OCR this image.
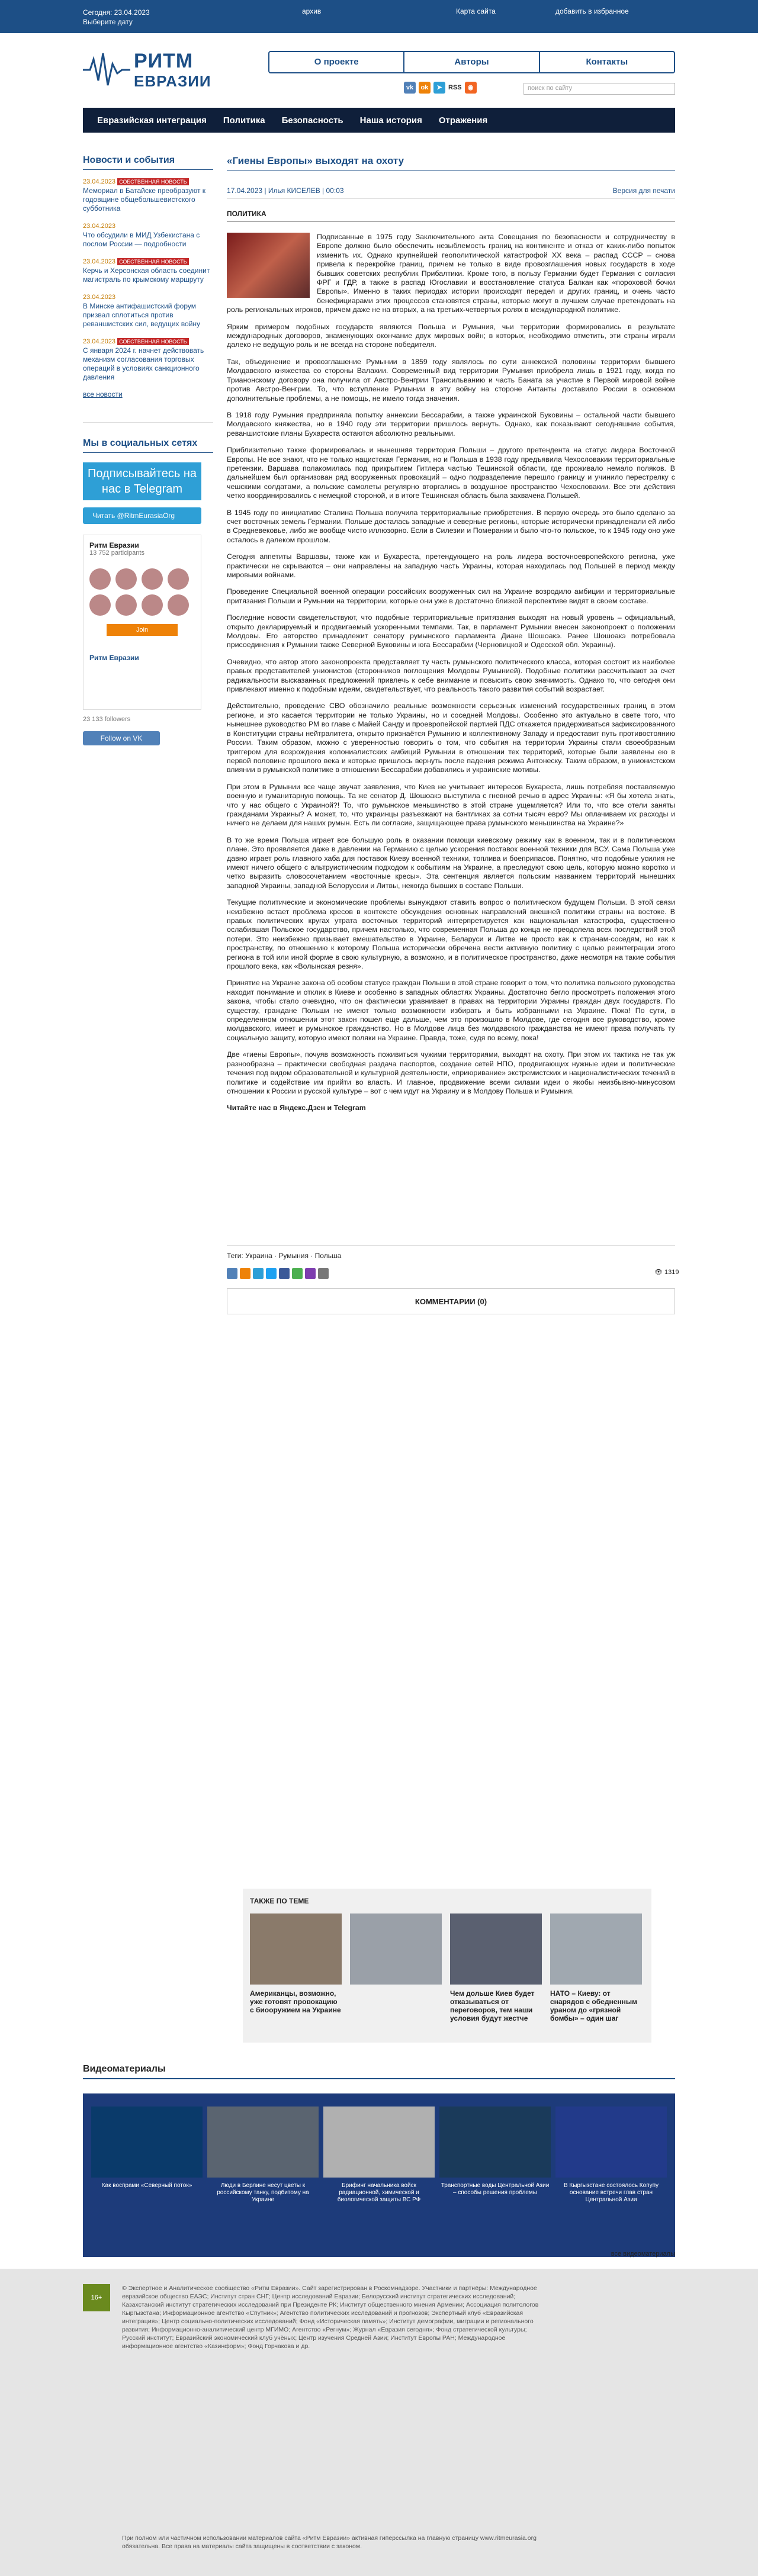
Сегодня: 23.04.2023
Выберите дату
архив	Карта сайта	добавить в избранное
РИТМ
ЕВРАЗИИ
О проекте	Авторы	Контакты
vk	ok	➤ RSS ◉	поиск по сайту
Евразийская интеграция	Политика	Безопасность	Наша история	Отражения
Новости и события
23.04.2023 СОБСТВЕННАЯ НОВОСТЬ
Мемориал в Батайске преобразуют к годовщине общебольшевистского субботника
23.04.2023
Что обсудили в МИД Узбекистана с послом России — подробности
23.04.2023 СОБСТВЕННАЯ НОВОСТЬ
Керчь и Херсонская область соединит магистраль по крымскому маршруту
23.04.2023
В Минске антифашистский форум призвал сплотиться против реваншистских сил, ведущих войну
23.04.2023 СОБСТВЕННАЯ НОВОСТЬ
С января 2024 г. начнет действовать механизм согласования торговых операций в условиях санкционного давления
все новости
Мы в социальных сетях
Подписывайтесь на нас в Telegram
Читать @RitmEurasiaOrg
Ритм Евразии
13 752 participants
Join
Ритм Евразии
23 133 followers
Follow on VK
«Гиены Европы» выходят на охоту
17.04.2023 | Илья КИСЕЛЕВ | 00:03	Версия для печати
ПОЛИТИКА

Подписанные в 1975 году Заключительного акта Совещания по безопасности и сотрудничеству в Европе должно было обеспечить незыблемость границ на континенте и отказ от каких-либо попыток изменить их. Однако крупнейшей геополитической катастрофой XX века – распад СССР – снова привела к перекройке границ, причем не только в виде провозглашения новых государств в ходе бывших советских республик Прибалтики. Кроме того, в пользу Германии будет Германия с согласия ФРГ и ГДР, а также в распад Югославии и восстановление статуса Балкан как «пороховой бочки Европы». Именно в таких периодах истории происходят передел и других границ, и очень часто бенефициарами этих процессов становятся страны, которые могут в лучшем случае претендовать на роль региональных игроков, причем даже не на вторых, а на третьих-четвертых ролях в международной политике.

Ярким примером подобных государств являются Польша и Румыния, чьи территории формировались в результате международных договоров, знаменующих окончание двух мировых войн; в которых, необходимо отметить, эти страны играли далеко не ведущую роль и не всегда на стороне победителя.

Так, объединение и провозглашение Румынии в 1859 году являлось по сути аннексией половины территории бывшего Молдавского княжества со стороны Валахии. Современный вид территории Румыния приобрела лишь в 1921 году, когда по Трианонскому договору она получила от Австро-Венгрии Трансильванию и часть Баната за участие в Первой мировой войне против Австро-Венгрии. То, что вступление Румынии в эту войну на стороне Антанты доставило России в основном дополнительные проблемы, а не помощь, не имело тогда значения.

В 1918 году Румыния предприняла попытку аннексии Бессарабии, а также украинской Буковины – остальной части бывшего Молдавского княжества, но в 1940 году эти территории пришлось вернуть. Однако, как показывают сегодняшние события, реваншистские планы Бухареста остаются абсолютно реальными.

Приблизительно также формировалась и нынешняя территория Польши – другого претендента на статус лидера Восточной Европы. Не все знают, что не только нацистская Германия, но и Польша в 1938 году предъявила Чехословакии территориальные претензии. Варшава полакомилась под прикрытием Гитлера частью Тешинской области, где проживало немало поляков. В дальнейшем был организован ряд вооруженных провокаций – одно подразделение перешло границу и учинило перестрелку с чешскими солдатами, а польские самолеты регулярно вторгались в воздушное пространство Чехословакии. Все эти действия четко координировались с немецкой стороной, и в итоге Тешинская область была захвачена Польшей.

В 1945 году по инициативе Сталина Польша получила территориальные приобретения. В первую очередь это было сделано за счет восточных земель Германии. Польше досталась западные и северные регионы, которые исторически принадлежали ей либо в Средневековье, либо же вообще чисто иллюзорно. Если в Силезии и Померании и было что-то польское, то к 1945 году оно уже осталось в далеком прошлом.

Сегодня аппетиты Варшавы, также как и Бухареста, претендующего на роль лидера восточноевропейского региона, уже практически не скрываются – они направлены на западную часть Украины, которая находилась под Польшей в период между мировыми войнами.

Проведение Специальной военной операции российских вооруженных сил на Украине возродило амбиции и территориальные притязания Польши и Румынии на территории, которые они уже в достаточно близкой перспективе видят в своем составе.

Последние новости свидетельствуют, что подобные территориальные притязания выходят на новый уровень – официальный, открыто декларируемый и продвигаемый ускоренными темпами. Так, в парламент Румынии внесен законопроект о положении Молдовы. Его авторство принадлежит сенатору румынского парламента Диане Шошоакэ. Ранее Шошоакэ потребовала присоединения к Румынии также Северной Буковины и юга Бессарабии (Черновицкой и Одесской обл. Украины).

Очевидно, что автор этого законопроекта представляет ту часть румынского политического класса, которая состоит из наиболее правых представителей унионистов (сторонников поглощения Молдовы Румынией). Подобные политики рассчитывают за счет радикальности высказанных предложений привлечь к себе внимание и повысить свою значимость. Однако то, что сегодня они привлекают именно к подобным идеям, свидетельствует, что реальность такого развития событий возрастает.

Действительно, проведение СВО обозначило реальные возможности серьезных изменений государственных границ в этом регионе, и это касается территории не только Украины, но и соседней Молдовы. Особенно это актуально в свете того, что нынешнее руководство РМ во главе с Майей Санду и проевропейской партией ПДС откажется придерживаться зафиксированного в Конституции страны нейтралитета, открыто признаётся Румынию и коллективному Западу и предоставит путь противостоянию России. Таким образом, можно с уверенностью говорить о том, что события на территории Украины стали своеобразным триггером для возрождения колониалистских амбиций Румынии в отношении тех территорий, которые были заявлены ею в первой половине прошлого века и которые пришлось вернуть после падения режима Антонеску. Таким образом, в унионистском влиянии в румынской политике в отношении Бессарабии добавились и украинские мотивы.

При этом в Румынии все чаще звучат заявления, что Киев не учитывает интересов Бухареста, лишь потребляя поставляемую военную и гуманитарную помощь. Та же сенатор Д. Шошоакэ выступила с гневной речью в адрес Украины: «Я бы хотела знать, что у нас общего с Украиной?! То, что румынское меньшинство в этой стране ущемляется? Или то, что все отели заняты гражданами Украины? А может, то, что украинцы разъезжают на бэнтликах за сотни тысяч евро? Мы оплачиваем их расходы и ничего не делаем для наших румын. Есть ли согласие, защищающее права румынского меньшинства на Украине?»

В то же время Польша играет все большую роль в оказании помощи киевскому режиму как в военном, так и в политическом плане. Это проявляется даже в давлении на Германию с целью ускорения поставок военной техники для ВСУ. Сама Польша уже давно играет роль главного хаба для поставок Киеву военной техники, топлива и боеприпасов. Понятно, что подобные усилия не имеют ничего общего с альтруистическим подходом к событиям на Украине, а преследуют свою цель, которую можно коротко и четко выразить словосочетанием «восточные кресы». Эта сентенция является польским названием территорий нынешних западной Украины, западной Белоруссии и Литвы, некогда бывших в составе Польши.

Текущие политические и экономические проблемы вынуждают ставить вопрос о политическом будущем Польши. В этой связи неизбежно встает проблема кресов в контексте обсуждения основных направлений внешней политики страны на востоке. В правых политических кругах утрата восточных территорий интерпретируется как национальная катастрофа, существенно ослабившая Польское государство, причем настолько, что современная Польша до конца не преодолела всех последствий этой потери. Это неизбежно призывает вмешательство в Украине, Беларуси и Литве не просто как к странам-соседям, но как к пространству, по отношению к которому Польша исторически обречена вести активную политику с целью реинтеграции этого региона в той или иной форме в свою культурную, а возможно, и в политическое пространство, даже несмотря на такие события прошлого века, как «Волынская резня».

Принятие на Украине закона об особом статусе граждан Польши в этой стране говорит о том, что политика польского руководства находит понимание и отклик в Киеве и особенно в западных областях Украины. Достаточно бегло просмотреть положения этого закона, чтобы стало очевидно, что он фактически уравнивает в правах на территории Украины граждан двух государств. По существу, граждане Польши не имеют только возможности избирать и быть избранными на Украине. Пока! По сути, в определенном отношении этот закон пошел еще дальше, чем это произошло в Молдове, где сегодня все руководство, кроме молдавского, имеет и румынское гражданство. Но в Молдове лица без молдавского гражданства не имеют права получать ту социальную защиту, которую имеют поляки на Украине. Правда, тоже, судя по всему, пока!

Две «гиены Европы», почуяв возможность поживиться чужими территориями, выходят на охоту. При этом их тактика не так уж разнообразна – практически свободная раздача паспортов, создание сетей НПО, продвигающих нужные идеи и политические течения под видом образовательной и культурной деятельности, «приюривание» экстремистских и националистических течений в политике и содействие им прийти во власть. И главное, продвижение всеми силами идеи о якобы неизбывно-минусовом отношении к России и русской культуре – вот с чем идут на Украину и в Молдову Польша и Румыния.

Читайте нас в Яндекс.Дзен и Telegram

Теги: Украина · Румыния · Польша
👁 1319
КОММЕНТАРИИ (0)
ТАКЖЕ ПО ТЕМЕ
Американцы, возможно, уже готовят провокацию с биооружием на Украине
Чем дольше Киев будет отказываться от переговоров, тем наши условия будут жестче
НАТО – Киеву: от снарядов с обедненным ураном до «грязной бомбы» – один шаг
Видеоматериалы
Как воспрами «Северный поток»	Люди в Берлине несут цветы к российскому танку, подбитому на Украине
Брифинг начальника войск радиационной, химической и биологической защиты ВС РФ
Транспортные воды Центральной Азии – способы решения проблемы
В Кыргызстане состоялось Копупу основание встречи глав стран Центральной Азии
все видеоматериалы
16+
© Экспертное и Аналитическое сообщество «Ритм Евразии». Сайт зарегистрирован в Роскомнадзоре. Участники и партнёры: Международное евразийское общество ЕАЭС; Институт стран СНГ; Центр исследований Евразии; Белорусский институт стратегических исследований; Казахстанский институт стратегических исследований при Президенте РК; Институт общественного мнения Армении; Ассоциация политологов Кыргызстана; Информационное агентство «Спутник»; Агентство политических исследований и прогнозов; Экспертный клуб «Евразийская интеграция»; Центр социально-политических исследований; Фонд «Историческая память»; Институт демографии, миграции и регионального развития; Информационно-аналитический центр МГИМО; Агентство «Регнум»; Журнал «Евразия сегодня»; Фонд стратегической культуры; Русский институт; Евразийский экономический клуб учёных; Центр изучения Средней Азии; Институт Европы РАН; Международное информационное агентство «Казинформ»; Фонд Горчакова и др.
При полном или частичном использовании материалов сайта «Ритм Евразии» активная гиперссылка на главную страницу www.ritmeurasia.org обязательна. Все права на материалы сайта защищены в соответствии с законом.
